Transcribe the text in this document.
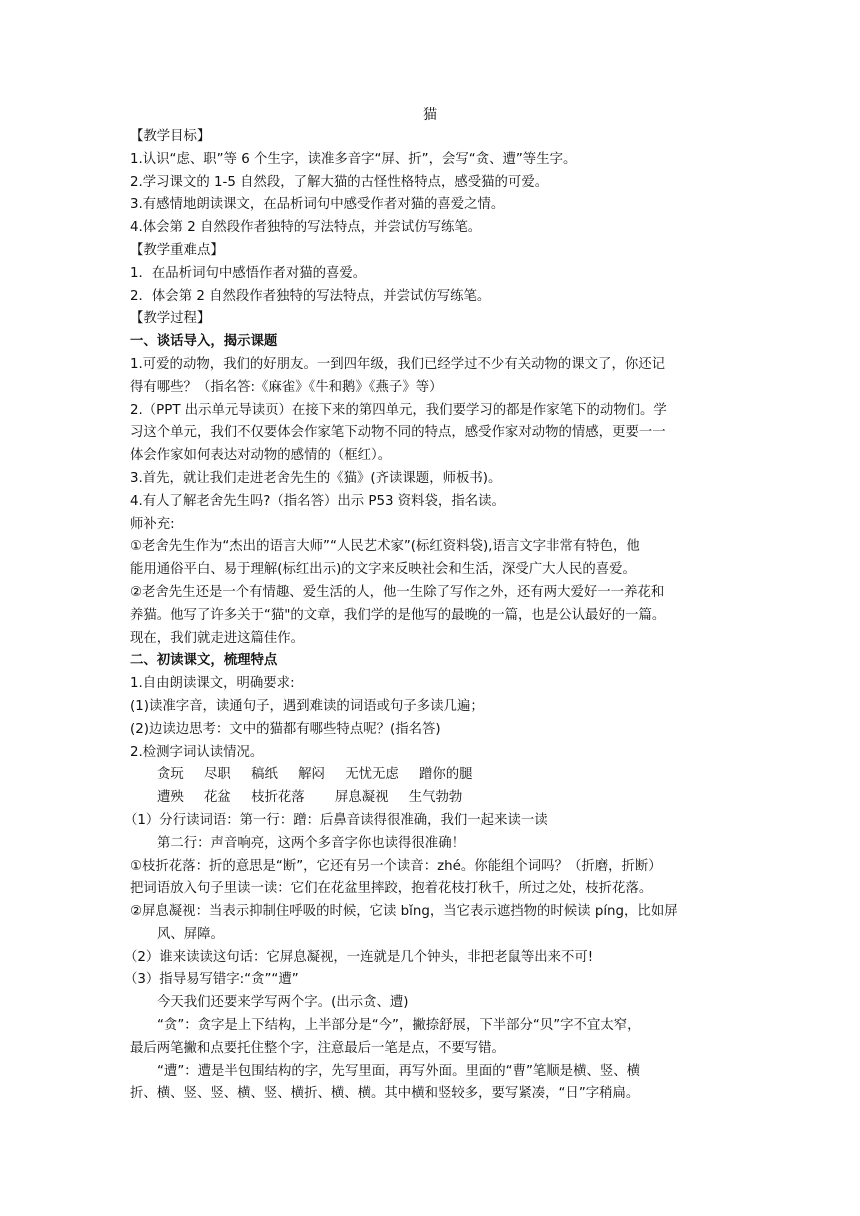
猫
【教学目标】
1.认识“虑、职”等 6 个生字，读准多音字“屏、折”，会写“贪、遭”等生字。
2.学习课文的 1-5 自然段，了解大猫的古怪性格特点，感受猫的可爱。
3.有感情地朗读课文，在品析词句中感受作者对猫的喜爱之情。
4.体会第 2 自然段作者独特的写法特点，并尝试仿写练笔。
【教学重难点】
1．在品析词句中感悟作者对猫的喜爱。
2．体会第 2 自然段作者独特的写法特点，并尝试仿写练笔。
【教学过程】
一、谈话导入，揭示课题
1.可爱的动物，我们的好朋友。一到四年级，我们已经学过不少有关动物的课文了，你还记
得有哪些？（指名答:《麻雀》《牛和鹅》《燕子》等）
2.（PPT 出示单元导读页）在接下来的第四单元，我们要学习的都是作家笔下的动物们。学
习这个单元，我们不仅要体会作家笔下动物不同的特点，感受作家对动物的情感，更要一一
体会作家如何表达对动物的感情的（框红）。
3.首先，就让我们走进老舍先生的《猫》(齐读课题，师板书)。
4.有人了解老舍先生吗?（指名答）出示 P53 资料袋，指名读。
师补充:
①老舍先生作为“杰出的语言大师”“人民艺术家”(标红资料袋),语言文字非常有特色，他
能用通俗平白、易于理解(标红出示)的文字来反映社会和生活，深受广大人民的喜爱。
②老舍先生还是一个有情趣、爱生活的人，他一生除了写作之外，还有两大爱好一一养花和
养猫。他写了许多关于“猫"的文章，我们学的是他写的最晚的一篇，也是公认最好的一篇。
现在，我们就走进这篇佳作。
二、初读课文，梳理特点
1.自由朗读课文，明确要求:
(1)读准字音，读通句子，遇到难读的词语或句子多读几遍；
(2)边读边思考：文中的猫都有哪些特点呢？(指名答)
2.检测字词认读情况。
贪玩 尽职 稿纸 解闷 无忧无虑 蹭你的腿
遭殃 花盆 枝折花落 屏息凝视 生气勃勃
（1）分行读词语：第一行：蹭：后鼻音读得很准确，我们一起来读一读
第二行：声音响亮，这两个多音字你也读得很准确！
①枝折花落：折的意思是“断”，它还有另一个读音：zhé。你能组个词吗？（折磨，折断）
把词语放入句子里读一读：它们在花盆里摔跤，抱着花枝打秋千，所过之处，枝折花落。
②屏息凝视：当表示抑制住呼吸的时候，它读 bǐng，当它表示遮挡物的时候读 píng，比如屏
风、屏障。
（2）谁来读读这句话：它屏息凝视，一连就是几个钟头，非把老鼠等出来不可!
（3）指导易写错字:“贪”“遭”
今天我们还要来学写两个字。(出示贪、遭)
“贪”：贪字是上下结构，上半部分是“今”，撇捺舒展，下半部分“贝”字不宜太窄，
最后两笔撇和点要托住整个字，注意最后一笔是点，不要写错。
“遭”：遭是半包围结构的字，先写里面，再写外面。里面的“曹”笔顺是横、竖、横
折、横、竖、竖、横、竖、横折、横、横。其中横和竖较多，要写紧凑，“日”字稍扁。
